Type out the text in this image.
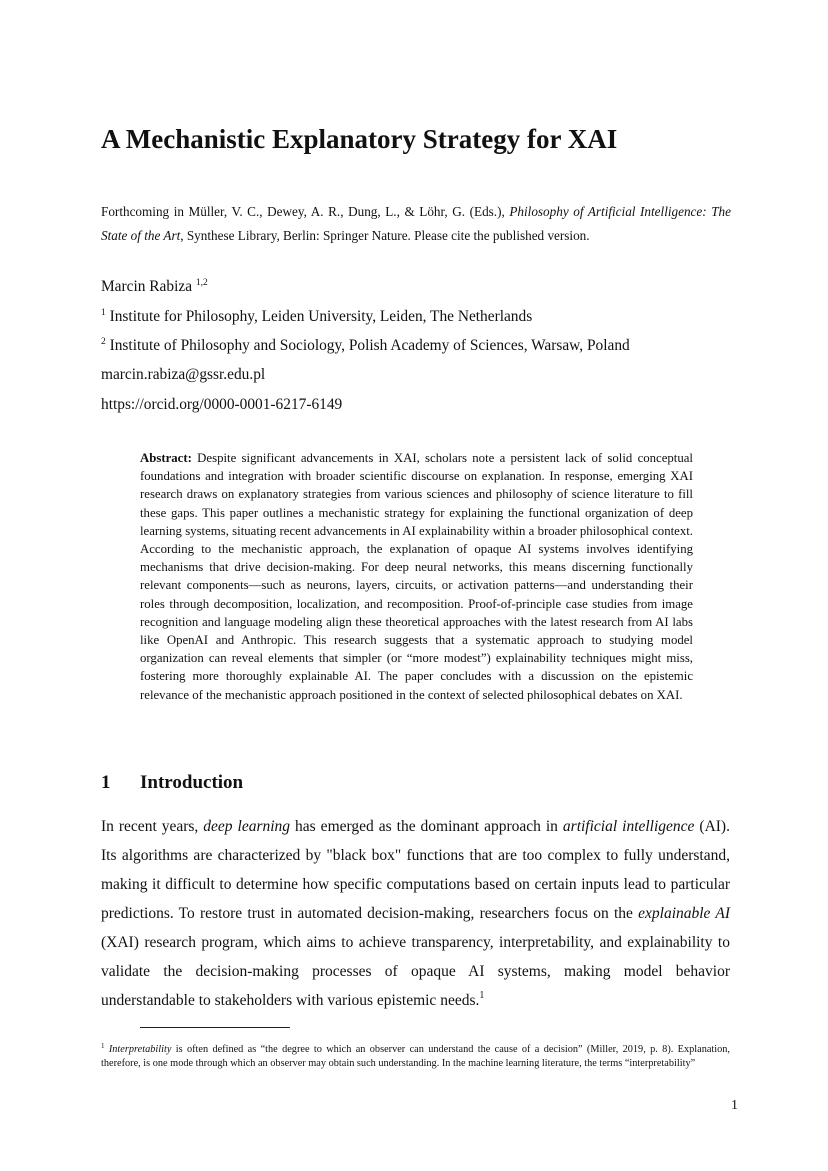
A Mechanistic Explanatory Strategy for XAI

Forthcoming in Müller, V. C., Dewey, A. R., Dung, L., & Löhr, G. (Eds.), Philosophy of Artificial Intelligence: The State of the Art, Synthese Library, Berlin: Springer Nature. Please cite the published version.

Marcin Rabiza $^{1,2}$

$^1$ Institute for Philosophy, Leiden University, Leiden, The Netherlands

$^2$ Institute of Philosophy and Sociology, Polish Academy of Sciences, Warsaw, Poland

marcin.rabiza@gssr.edu.pl

https://orcid.org/0000-0001-6217-6149

Abstract: Despite significant advancements in XAI, scholars note a persistent lack of solid conceptual foundations and integration with broader scientific discourse on explanation. In response, emerging XAI research draws on explanatory strategies from various sciences and philosophy of science literature to fill these gaps. This paper outlines a mechanistic strategy for explaining the functional organization of deep learning systems, situating recent advancements in AI explainability within a broader philosophical context. According to the mechanistic approach, the explanation of opaque AI systems involves identifying mechanisms that drive decision-making. For deep neural networks, this means discerning functionally relevant components—such as neurons, layers, circuits, or activation patterns—and understanding their roles through decomposition, localization, and recomposition. Proof-of-principle case studies from image recognition and language modeling align these theoretical approaches with the latest research from AI labs like OpenAI and Anthropic. This research suggests that a systematic approach to studying model organization can reveal elements that simpler (or “more modest”) explainability techniques might miss, fostering more thoroughly explainable AI. The paper concludes with a discussion on the epistemic relevance of the mechanistic approach positioned in the context of selected philosophical debates on XAI.

1 Introduction

In recent years, deep learning has emerged as the dominant approach in artificial intelligence (AI). Its algorithms are characterized by "black box" functions that are too complex to fully understand, making it difficult to determine how specific computations based on certain inputs lead to particular predictions. To restore trust in automated decision-making, researchers focus on the explainable AI (XAI) research program, which aims to achieve transparency, interpretability, and explainability to validate the decision-making processes of opaque AI systems, making model behavior understandable to stakeholders with various epistemic needs.$^1$

$^1$ Interpretability is often defined as “the degree to which an observer can understand the cause of a decision” (Miller, 2019, p. 8). Explanation, therefore, is one mode through which an observer may obtain such understanding. In the machine learning literature, the terms “interpretability”

1
